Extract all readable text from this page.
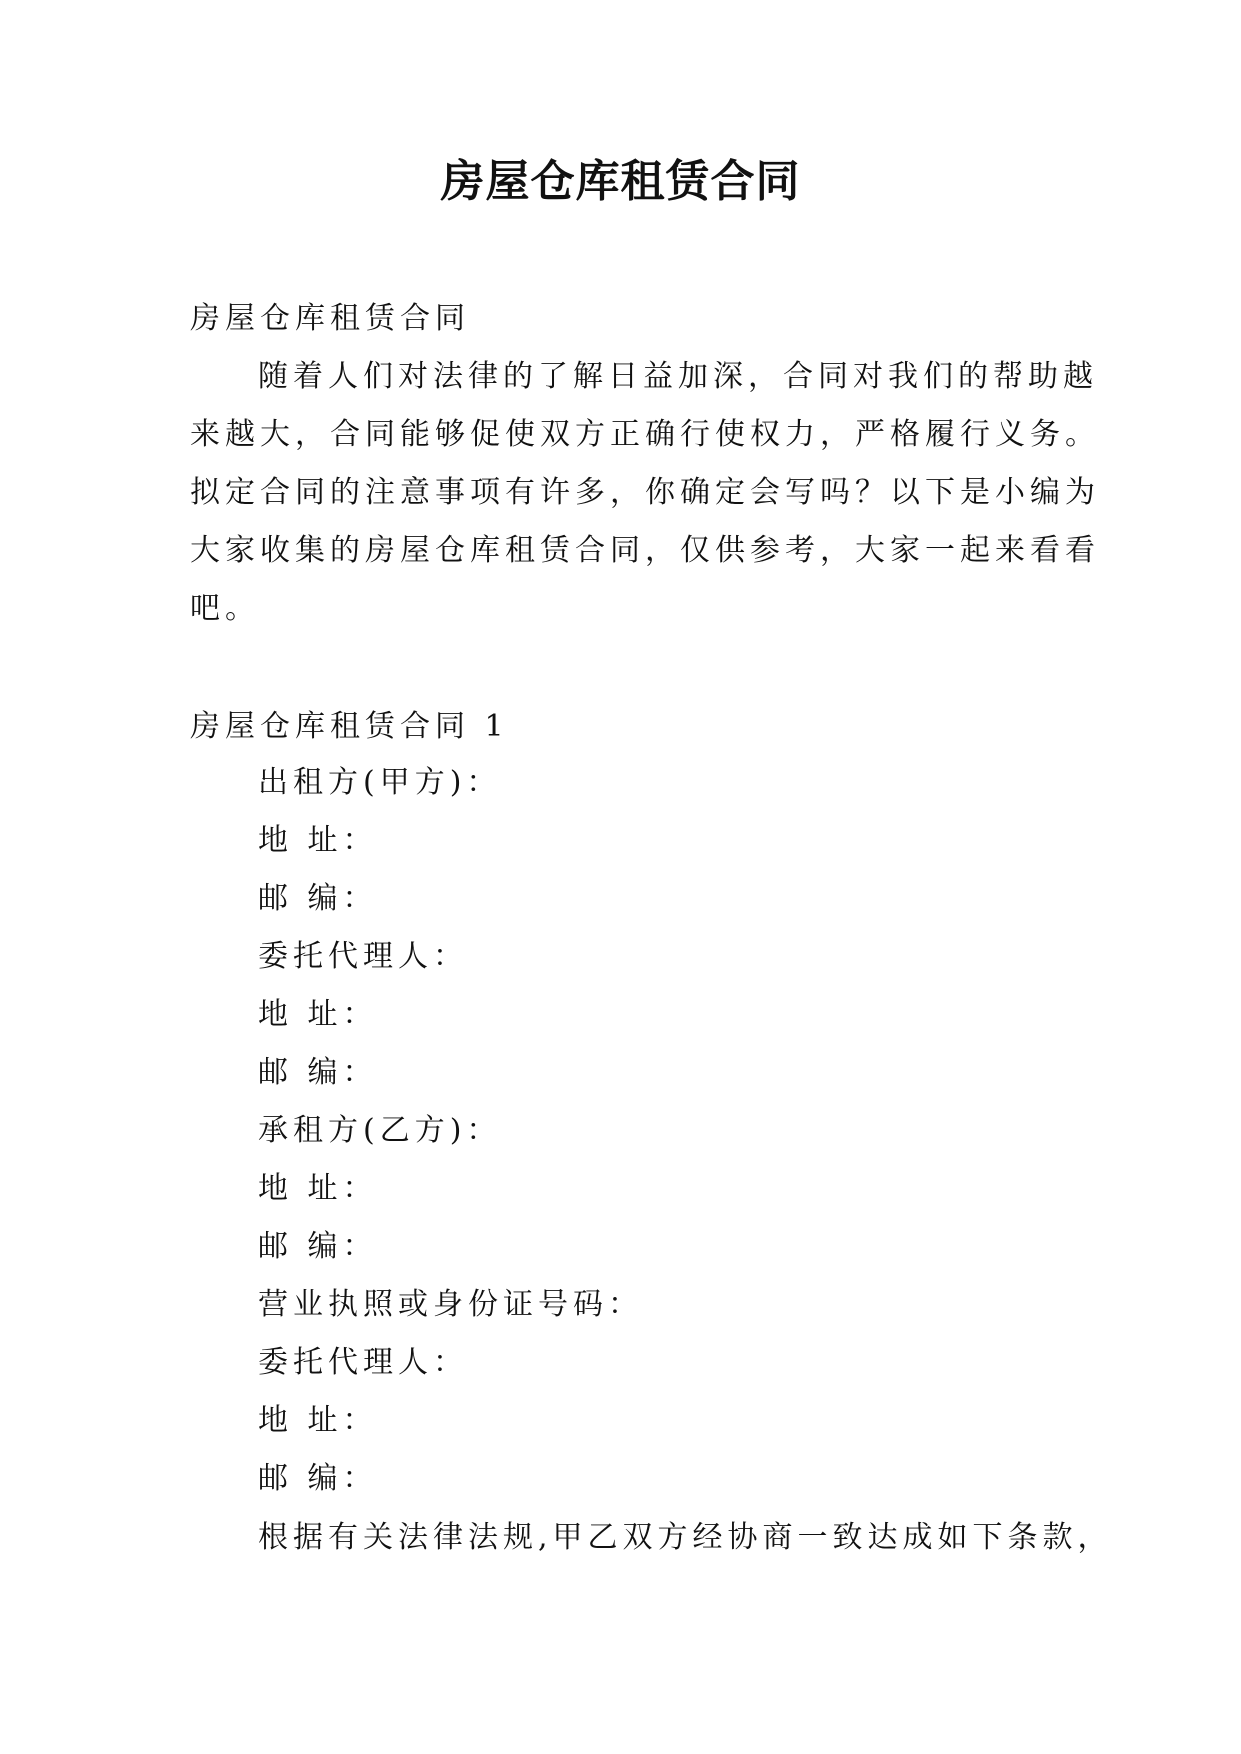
房屋仓库租赁合同

房屋仓库租赁合同

随着人们对法律的了解日益加深，合同对我们的帮助越
来越大，合同能够促使双方正确行使权力，严格履行义务。
拟定合同的注意事项有许多，你确定会写吗？以下是小编为
大家收集的房屋仓库租赁合同，仅供参考，大家一起来看看
吧。

房屋仓库租赁合同 1

出租方(甲方)：
地 址：
邮 编：
委托代理人：
地 址：
邮 编：
承租方(乙方)：
地 址：
邮 编：
营业执照或身份证号码：
委托代理人：
地 址：
邮 编：

根据有关法律法规,甲乙双方经协商一致达成如下条款，
